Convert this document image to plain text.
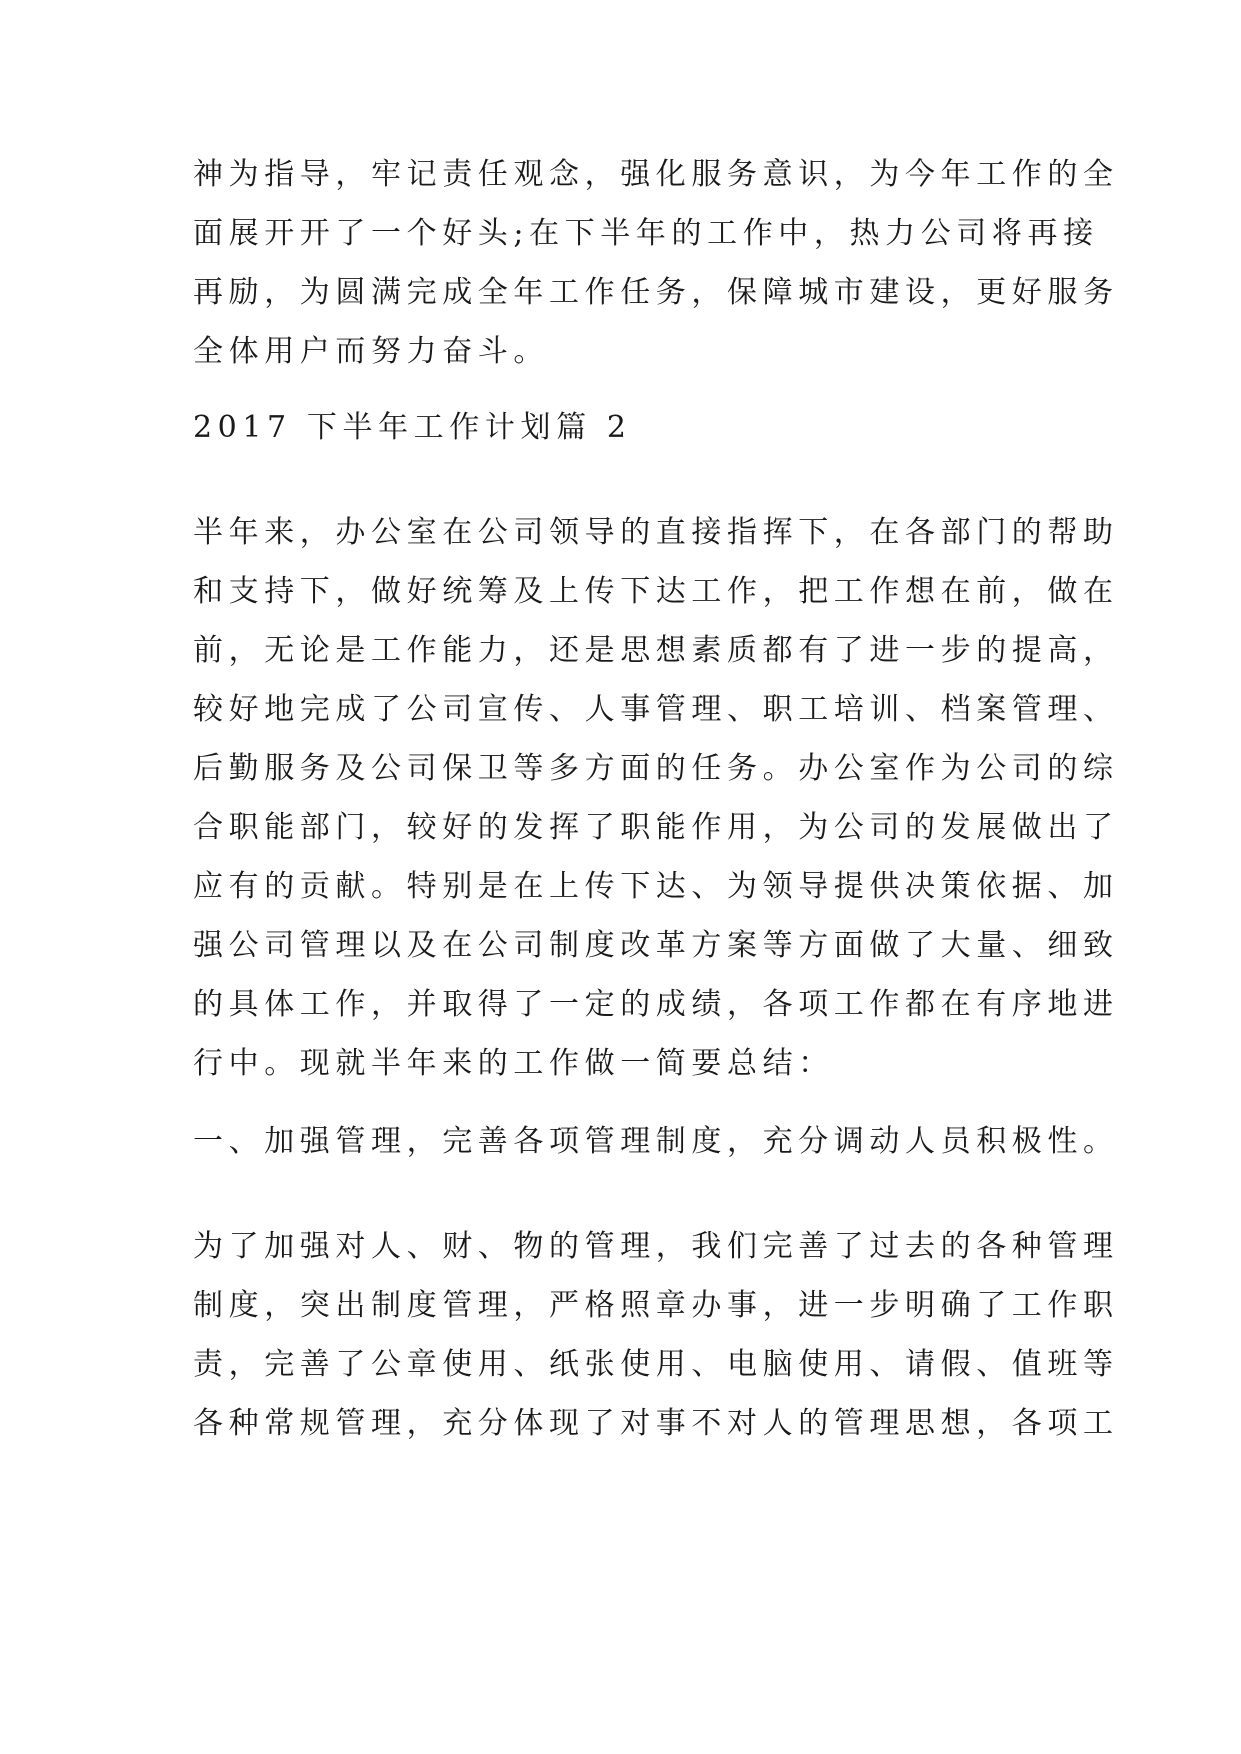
神为指导，牢记责任观念，强化服务意识，为今年工作的全
面展开开了一个好头;在下半年的工作中，热力公司将再接
再励，为圆满完成全年工作任务，保障城市建设，更好服务
全体用户而努力奋斗。
2017 下半年工作计划篇 2
半年来，办公室在公司领导的直接指挥下，在各部门的帮助
和支持下，做好统筹及上传下达工作，把工作想在前，做在
前，无论是工作能力，还是思想素质都有了进一步的提高，
较好地完成了公司宣传、人事管理、职工培训、档案管理、
后勤服务及公司保卫等多方面的任务。办公室作为公司的综
合职能部门，较好的发挥了职能作用，为公司的发展做出了
应有的贡献。特别是在上传下达、为领导提供决策依据、加
强公司管理以及在公司制度改革方案等方面做了大量、细致
的具体工作，并取得了一定的成绩，各项工作都在有序地进
行中。现就半年来的工作做一简要总结：
一、加强管理，完善各项管理制度，充分调动人员积极性。
为了加强对人、财、物的管理，我们完善了过去的各种管理
制度，突出制度管理，严格照章办事，进一步明确了工作职
责，完善了公章使用、纸张使用、电脑使用、请假、值班等
各种常规管理，充分体现了对事不对人的管理思想，各项工
